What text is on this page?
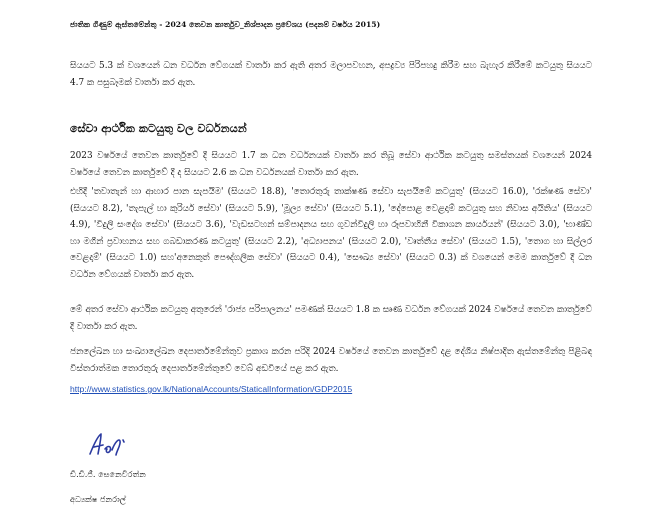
ජාතික ගිණුම් ඇස්තමේන්තු - 2024 තෙවන කාර්තුව_නිශ්පාදන ප්‍රවේශය (පදනම් වර්ෂය 2015)

සියයට 5.3 ක් වශයෙන් ධන වර්ධන වේගයක් වාර්තා කර ඇති අතර මලාපවහන, අපද්‍රව්‍ය පිරිපහදු කිරීම සහ බැහැර කිරීමේ කටයුතු සියයට 4.7 ක පසුබෑමක් වාර්තා කර ඇත.

සේවා ආර්ථික කටයුතු වල වර්ධනයන්

2023 වර්ෂයේ තෙවන කාර්තුවේ දී සියයට 1.7 ක ධන වර්ධනයක් වාර්තා කර තිබූ සේවා ආර්ථික කටයුතු සමස්තයක් වශයෙන් 2024 වර්ෂයේ තෙවන කාර්තුවේ දී ද සියයට 2.6 ක ධන වර්ධනයක් වාර්තා කර ඇත.

එහිදී 'තවාතැන් හා ආහාර පාන සැපයීම' (සියයට 18.8), 'තොරතුරු තාක්ෂණ සේවා සැපයීමේ කටයුතු' (සියයට 16.0), 'රක්ෂණ සේවා' (සියයට 8.2), 'තැපැල් හා කුරියර් සේවා' (සියයට 5.9), 'මූල්‍ය සේවා' (සියයට 5.1), 'දේපොළ වෙළදාම් කටයුතු සහ නිවාස අයිතිය' (සියයට 4.9), 'විදුලි සංදේශ සේවා' (සියයට 3.6), 'වැඩසටහන් සම්පාදනය සහ ගුවන්විදුලි හා රූපවාහිනී විකාශන කාර්යයන්' (සියයට 3.0), 'භාණ්ඩ හා මගීන් ප්‍රවාහනය සහ ගබඩාකරණ කටයුතු' (සියයට 2.2), 'අධ්‍යාපනය' (සියයට 2.0), 'වෘත්තීය සේවා' (සියයට 1.5), 'තොග හා සිල්ලර වෙළදාම්' (සියයට 1.0) සහ'අනෙකුත් පෞද්ගලික සේවා' (සියයට 0.4), 'සෞඛ්‍ය සේවා' (සියයට 0.3) ක් වශයෙන් මෙම කාර්තුවේ දී ධන වර්ධන වේගයක් වාර්තා කර ඇත.

මේ අතර සේවා ආර්ථික කටයුතු අතුරෙන් 'රාජ්‍ය පරිපාලනය' පමණක් සියයට 1.8 ක සෘණ වර්ධන වේගයක් 2024 වර්ෂයේ තෙවන කාර්තුවේ දී වාර්තා කර ඇත.

ජනලේඛන හා සංඛ්‍යාලේඛන දෙපාර්තමේන්තුව ප්‍රකාශ කරන පරිදි 2024 වර්ෂයේ තෙවන කාර්තුවේ දළ දේශීය නිෂ්පාදිත ඇස්තමේන්තු පිළිබඳ විස්තරාත්මක තොරතුරු දෙපාර්තමේන්තුවේ වෙබ් අඩවියේ පළ කර ඇත.

http://www.statistics.gov.lk/NationalAccounts/StaticalInformation/GDP2015
ඩී.ඩී.ජී. සෙනෙවිරත්න
අධ්‍යක්ෂ ජනරාල්
